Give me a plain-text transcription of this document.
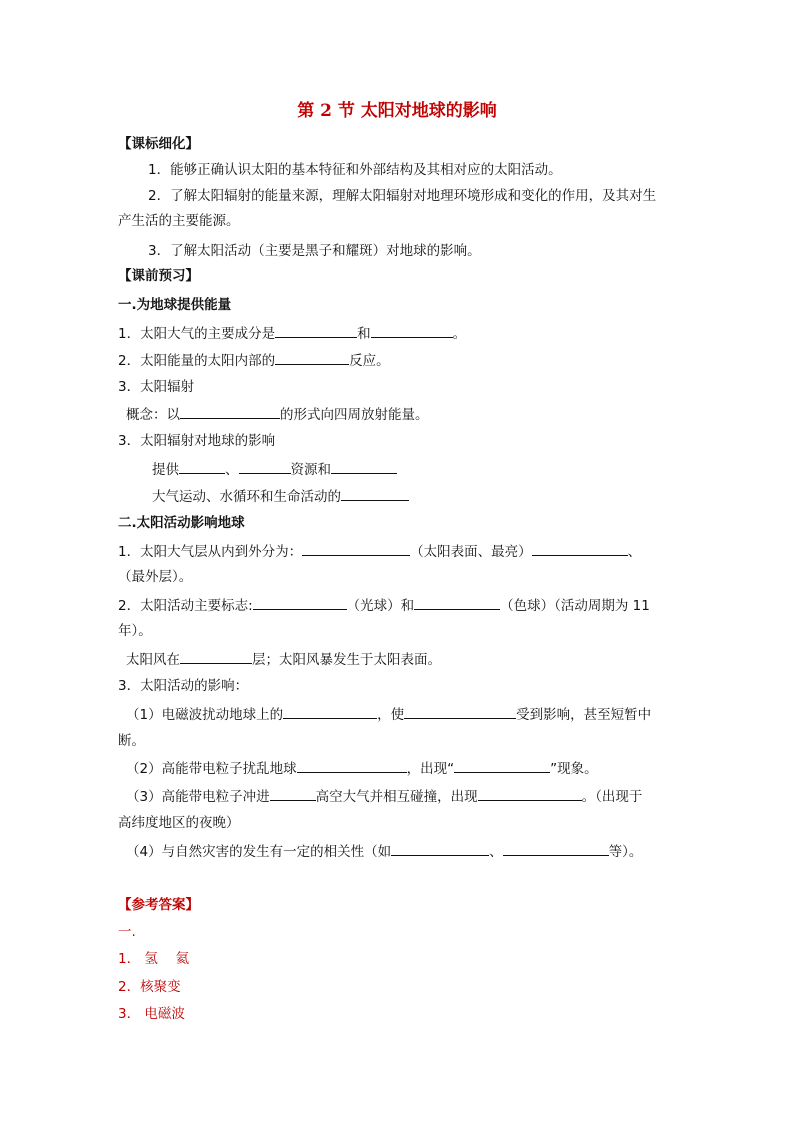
第 2 节 太阳对地球的影响
【课标细化】
1．能够正确认识太阳的基本特征和外部结构及其相对应的太阳活动。
2．了解太阳辐射的能量来源，理解太阳辐射对地理环境形成和变化的作用，及其对生
产生活的主要能源。
3．了解太阳活动（主要是黑子和耀斑）对地球的影响。
【课前预习】
一.为地球提供能量
1．太阳大气的主要成分是	和	。
2．太阳能量的太阳内部的	反应。
3．太阳辐射
概念：以	的形式向四周放射能量。
3．太阳辐射对地球的影响
提供	、	资源和
大气运动、水循环和生命活动的
二.太阳活动影响地球
1．太阳大气层从内到外分为：	（太阳表面、最亮）	、
（最外层）。
2．太阳活动主要标志:	（光球）和	（色球）（活动周期为 11
年）。
太阳风在	层；太阳风暴发生于太阳表面。
3．太阳活动的影响：
（1）电磁波扰动地球上的	，使	受到影响，甚至短暂中
断。
（2）高能带电粒子扰乱地球	，出现“	”现象。
（3）高能带电粒子冲进	高空大气并相互碰撞，出现	。（出现于
高纬度地区的夜晚）
（4）与自然灾害的发生有一定的相关性（如	、	等）。
【参考答案】
一.
1． 氢　 氦
2．核聚变
3． 电磁波
